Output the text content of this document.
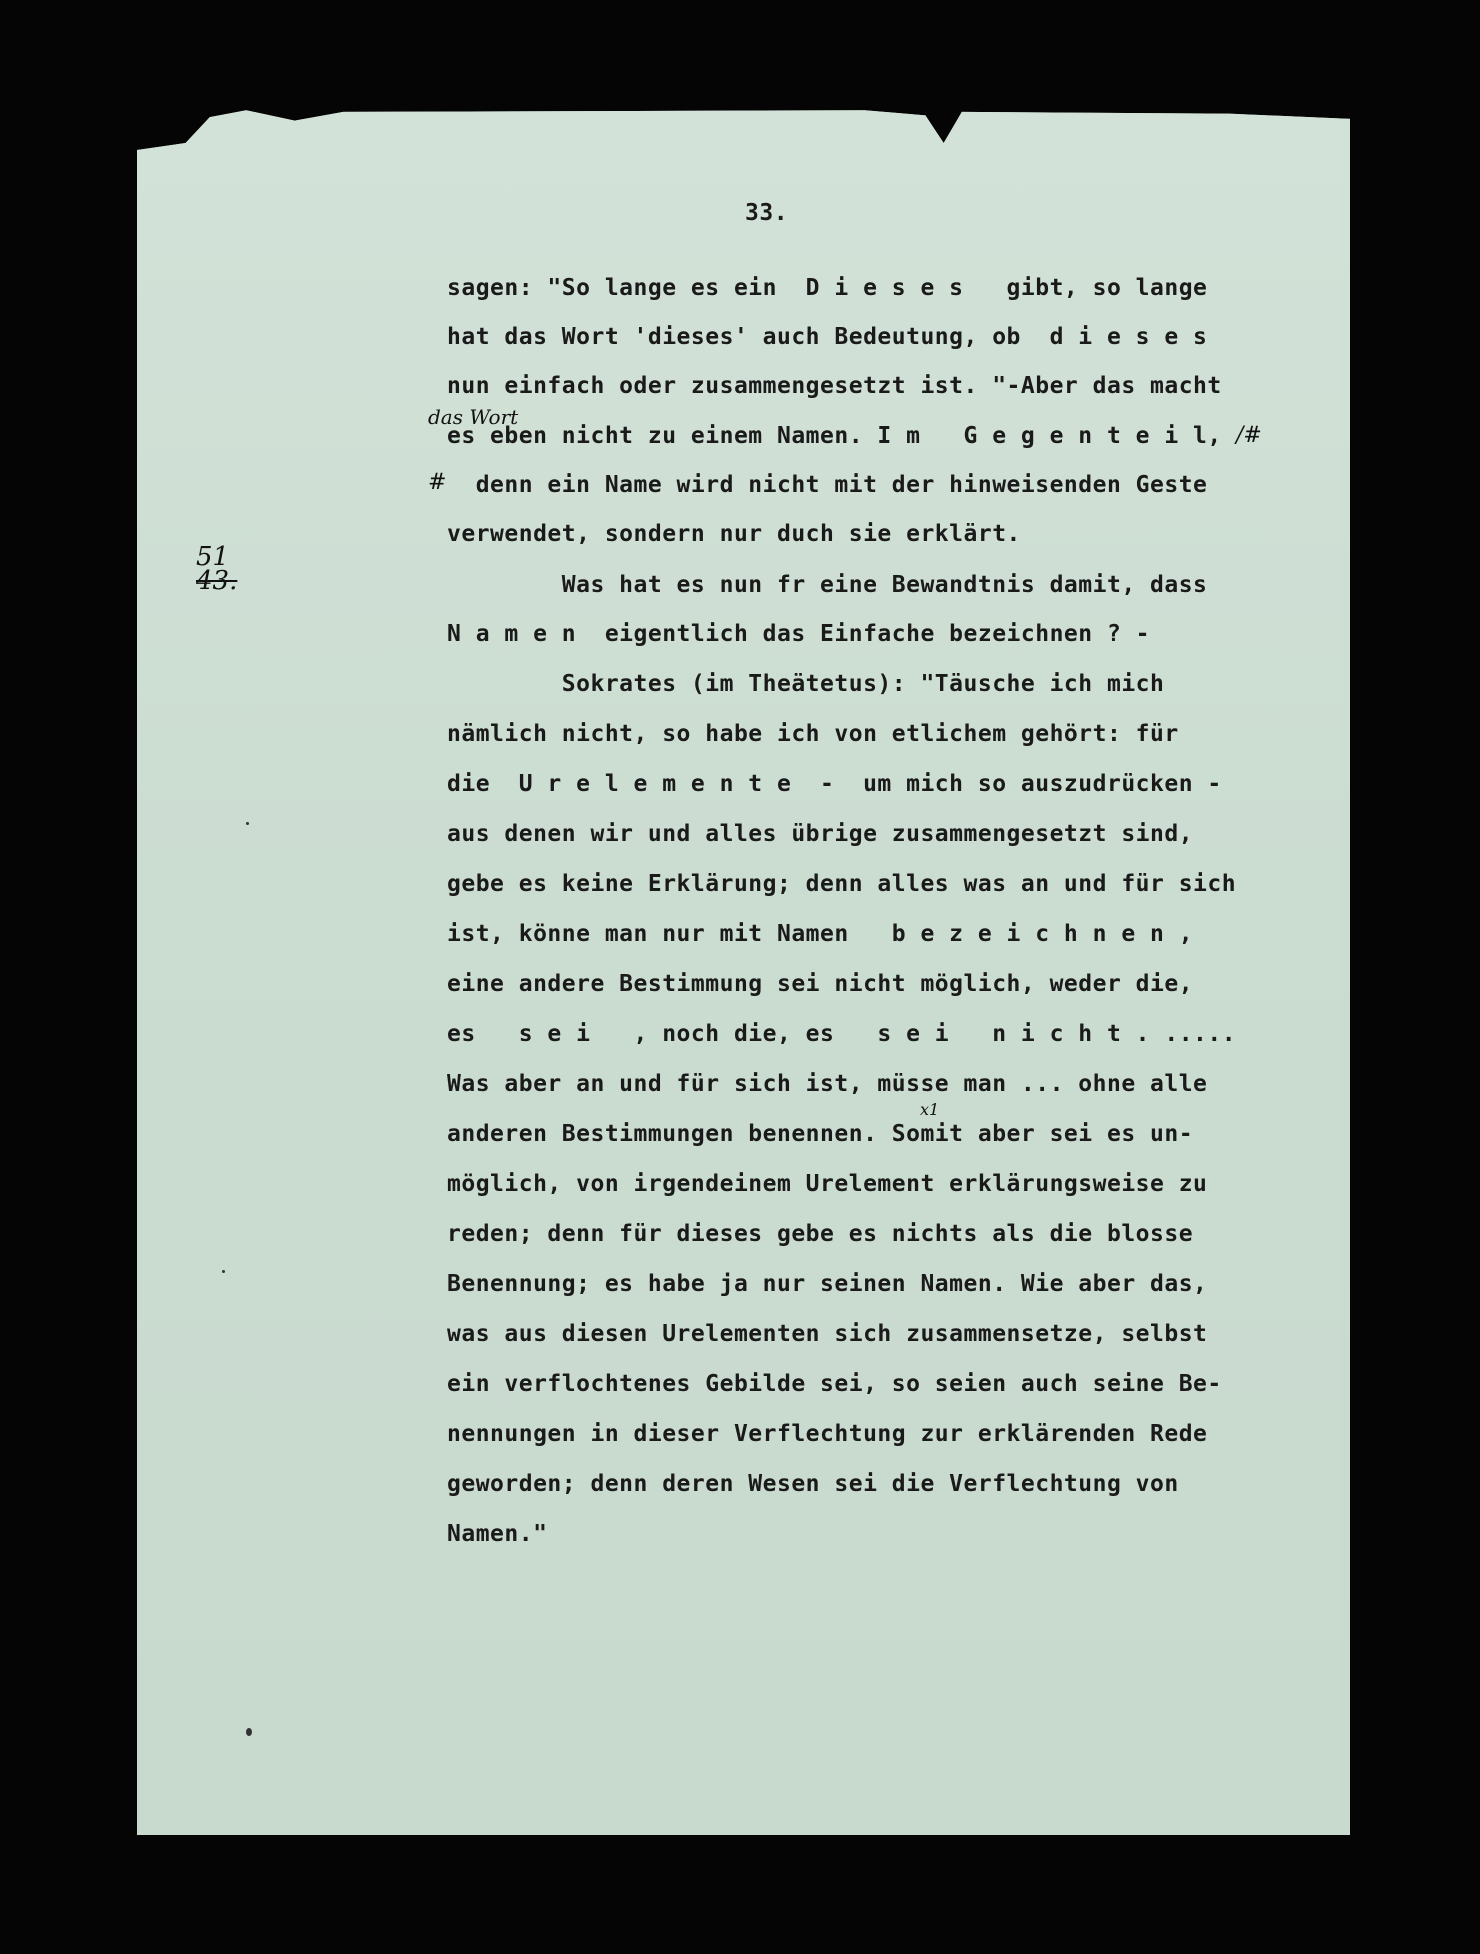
33.
51
43.
das Wort
/#
#
x1
sagen: "So lange es ein  D i e s e s   gibt, so lange
hat das Wort 'dieses' auch Bedeutung, ob  d i e s e s
nun einfach oder zusammengesetzt ist. "-Aber das macht
es eben nicht zu einem Namen. I m   G e g e n t e i l,
denn ein Name wird nicht mit der hinweisenden Geste
verwendet, sondern nur duch sie erklärt.
Was hat es nun fr eine Bewandtnis damit, dass
N a m e n  eigentlich das Einfache bezeichnen ? -
Sokrates (im Theätetus): "Täusche ich mich
nämlich nicht, so habe ich von etlichem gehört: für
die  U r e l e m e n t e  -  um mich so auszudrücken -
aus denen wir und alles übrige zusammengesetzt sind,
gebe es keine Erklärung; denn alles was an und für sich
ist, könne man nur mit Namen   b e z e i c h n e n ,
eine andere Bestimmung sei nicht möglich, weder die,
es   s e i   , noch die, es   s e i   n i c h t . .....
Was aber an und für sich ist, müsse man ... ohne alle
anderen Bestimmungen benennen. Somit aber sei es un-
möglich, von irgendeinem Urelement erklärungsweise zu
reden; denn für dieses gebe es nichts als die blosse
Benennung; es habe ja nur seinen Namen. Wie aber das,
was aus diesen Urelementen sich zusammensetze, selbst
ein verflochtenes Gebilde sei, so seien auch seine Be-
nennungen in dieser Verflechtung zur erklärenden Rede
geworden; denn deren Wesen sei die Verflechtung von
Namen."
